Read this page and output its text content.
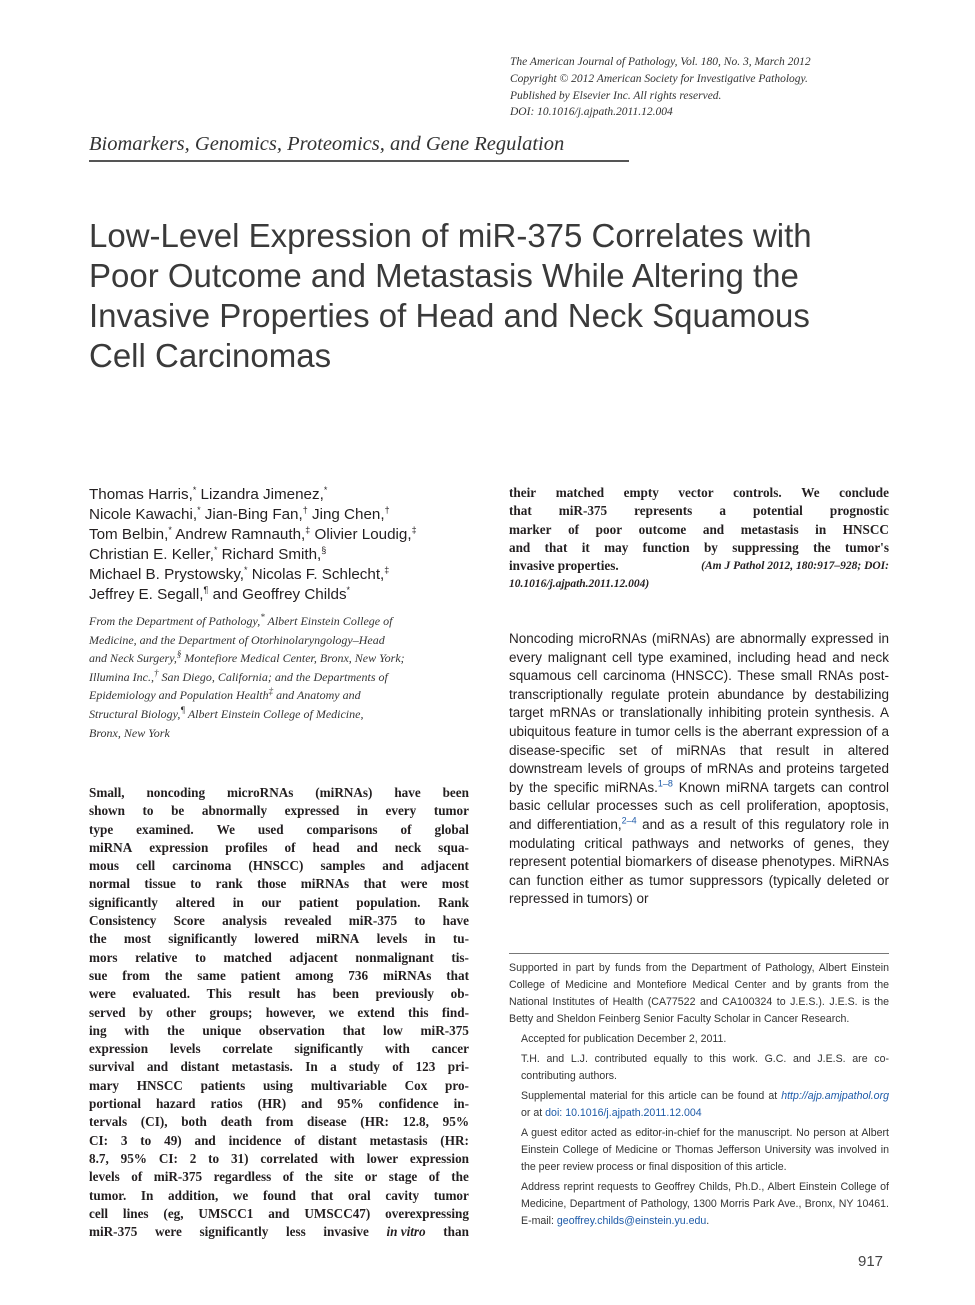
The American Journal of Pathology, Vol. 180, No. 3, March 2012
Copyright © 2012 American Society for Investigative Pathology.
Published by Elsevier Inc. All rights reserved.
DOI: 10.1016/j.ajpath.2011.12.004
Biomarkers, Genomics, Proteomics, and Gene Regulation
Low-Level Expression of miR-375 Correlates with
Poor Outcome and Metastasis While Altering the
Invasive Properties of Head and Neck Squamous
Cell Carcinomas
Thomas Harris,* Lizandra Jimenez,*
Nicole Kawachi,* Jian-Bing Fan,† Jing Chen,†
Tom Belbin,* Andrew Ramnauth,‡ Olivier Loudig,‡
Christian E. Keller,* Richard Smith,§
Michael B. Prystowsky,* Nicolas F. Schlecht,‡
Jeffrey E. Segall,¶ and Geoffrey Childs*
From the Department of Pathology,* Albert Einstein College of
Medicine, and the Department of Otorhinolaryngology–Head
and Neck Surgery,§ Montefiore Medical Center, Bronx, New York;
Illumina Inc.,† San Diego, California; and the Departments of
Epidemiology and Population Health‡ and Anatomy and
Structural Biology,¶ Albert Einstein College of Medicine,
Bronx, New York
Small, noncoding microRNAs (miRNAs) have been
shown to be abnormally expressed in every tumor
type examined. We used comparisons of global
miRNA expression profiles of head and neck squa-
mous cell carcinoma (HNSCC) samples and adjacent
normal tissue to rank those miRNAs that were most
significantly altered in our patient population. Rank
Consistency Score analysis revealed miR-375 to have
the most significantly lowered miRNA levels in tu-
mors relative to matched adjacent nonmalignant tis-
sue from the same patient among 736 miRNAs that
were evaluated. This result has been previously ob-
served by other groups; however, we extend this find-
ing with the unique observation that low miR-375
expression levels correlate significantly with cancer
survival and distant metastasis. In a study of 123 pri-
mary HNSCC patients using multivariable Cox pro-
portional hazard ratios (HR) and 95% confidence in-
tervals (CI), both death from disease (HR: 12.8, 95%
CI: 3 to 49) and incidence of distant metastasis (HR:
8.7, 95% CI: 2 to 31) correlated with lower expression
levels of miR-375 regardless of the site or stage of the
tumor. In addition, we found that oral cavity tumor
cell lines (eg, UMSCC1 and UMSCC47) overexpressing
miR-375 were significantly less invasive in vitro than
their matched empty vector controls. We conclude
that miR-375 represents a potential prognostic
marker of poor outcome and metastasis in HNSCC
and that it may function by suppressing the tumor's
invasive properties.	(Am J Pathol 2012, 180:917–928; DOI:
10.1016/j.ajpath.2011.12.004)
Noncoding microRNAs (miRNAs) are abnormally expressed in every malignant cell type examined, including head and neck squamous cell carcinoma (HNSCC). These small RNAs post-transcriptionally regulate protein abundance by destabilizing target mRNAs or translationally inhibiting protein synthesis. A ubiquitous feature in tumor cells is the aberrant expression of a disease-specific set of miRNAs that result in altered downstream levels of groups of mRNAs and proteins targeted by the specific miRNAs.$^{1-8}$ Known miRNA targets can control basic cellular processes such as cell proliferation, apoptosis, and differentiation,$^{2-4}$ and as a result of this regulatory role in modulating critical pathways and networks of genes, they represent potential biomarkers of disease phenotypes. MiRNAs can function either as tumor suppressors (typically deleted or repressed in tumors) or
Supported in part by funds from the Department of Pathology, Albert Einstein College of Medicine and Montefiore Medical Center and by grants from the National Institutes of Health (CA77522 and CA100324 to J.E.S.). J.E.S. is the Betty and Sheldon Feinberg Senior Faculty Scholar in Cancer Research.
Accepted for publication December 2, 2011.
T.H. and L.J. contributed equally to this work. G.C. and J.E.S. are co-contributing authors.
Supplemental material for this article can be found at http://ajp.amjpathol.org or at doi: 10.1016/j.ajpath.2011.12.004
A guest editor acted as editor-in-chief for the manuscript. No person at Albert Einstein College of Medicine or Thomas Jefferson University was involved in the peer review process or final disposition of this article.
Address reprint requests to Geoffrey Childs, Ph.D., Albert Einstein College of Medicine, Department of Pathology, 1300 Morris Park Ave., Bronx, NY 10461. E-mail: geoffrey.childs@einstein.yu.edu.
917
